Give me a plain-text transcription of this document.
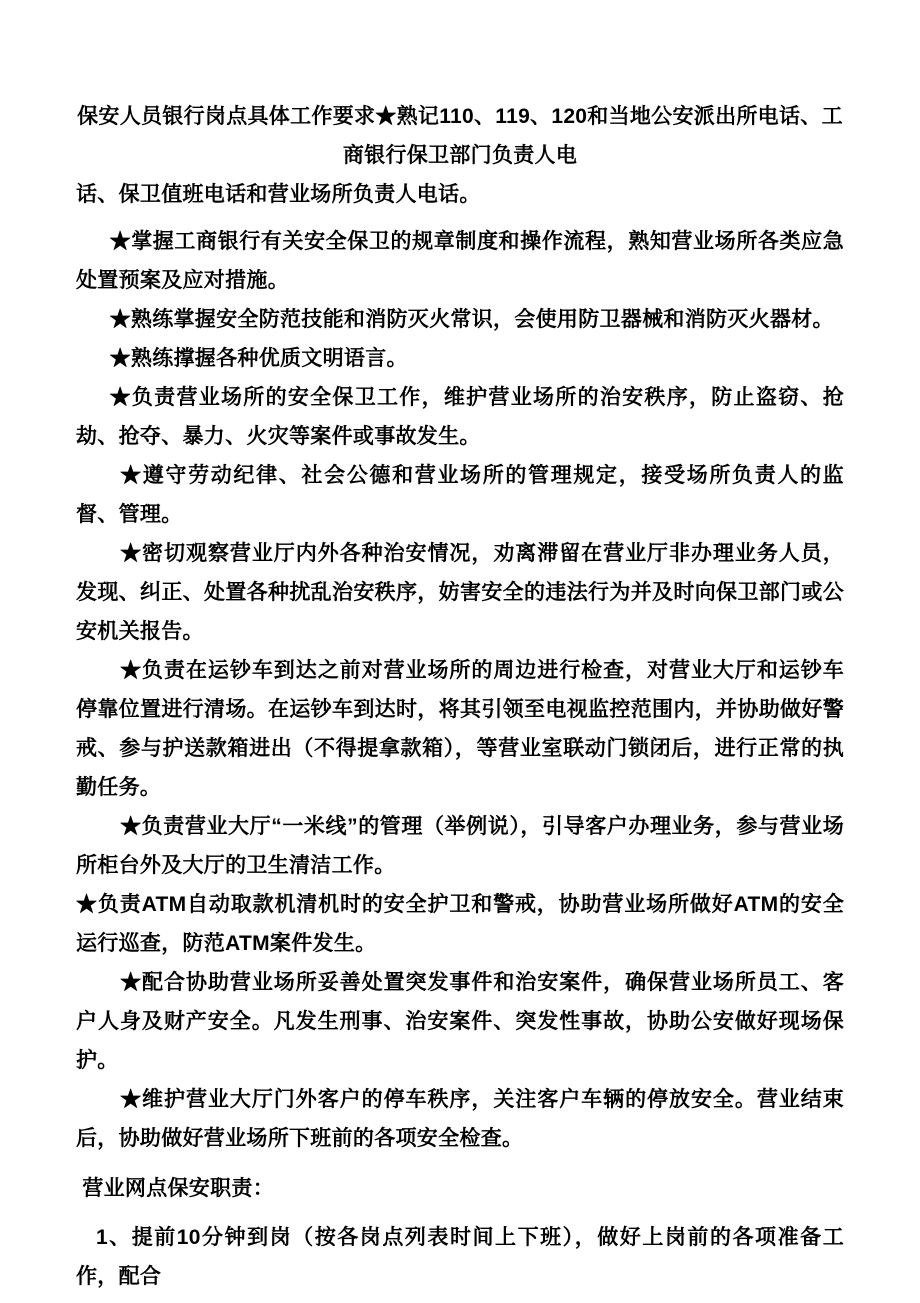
保安人员银行岗点具体工作要求★熟记110、119、120和当地公安派出所电话、工商银行保卫部门负责人电
话、保卫值班电话和营业场所负责人电话。
★掌握工商银行有关安全保卫的规章制度和操作流程，熟知营业场所各类应急处置预案及应对措施。
★熟练掌握安全防范技能和消防灭火常识，会使用防卫器械和消防灭火器材。
★熟练撑握各种优质文明语言。
★负责营业场所的安全保卫工作，维护营业场所的治安秩序，防止盗窃、抢劫、抢夺、暴力、火灾等案件或事故发生。
★遵守劳动纪律、社会公德和营业场所的管理规定，接受场所负责人的监督、管理。
★密切观察营业厅内外各种治安情况，劝离滞留在营业厅非办理业务人员，发现、纠正、处置各种扰乱治安秩序，妨害安全的违法行为并及时向保卫部门或公安机关报告。
★负责在运钞车到达之前对营业场所的周边进行检查，对营业大厅和运钞车停靠位置进行清场。在运钞车到达时，将其引领至电视监控范围内，并协助做好警戒、参与护送款箱进出（不得提拿款箱），等营业室联动门锁闭后，进行正常的执勤任务。
★负责营业大厅“一米线”的管理（举例说），引导客户办理业务，参与营业场所柜台外及大厅的卫生清洁工作。
★负责ATM自动取款机清机时的安全护卫和警戒，协助营业场所做好ATM的安全运行巡查，防范ATM案件发生。
★配合协助营业场所妥善处置突发事件和治安案件，确保营业场所员工、客户人身及财产安全。凡发生刑事、治安案件、突发性事故，协助公安做好现场保护。
★维护营业大厅门外客户的停车秩序，关注客户车辆的停放安全。营业结束后，协助做好营业场所下班前的各项安全检查。
营业网点保安职责：
1、提前10分钟到岗（按各岗点列表时间上下班），做好上岗前的各项准备工作，配合
